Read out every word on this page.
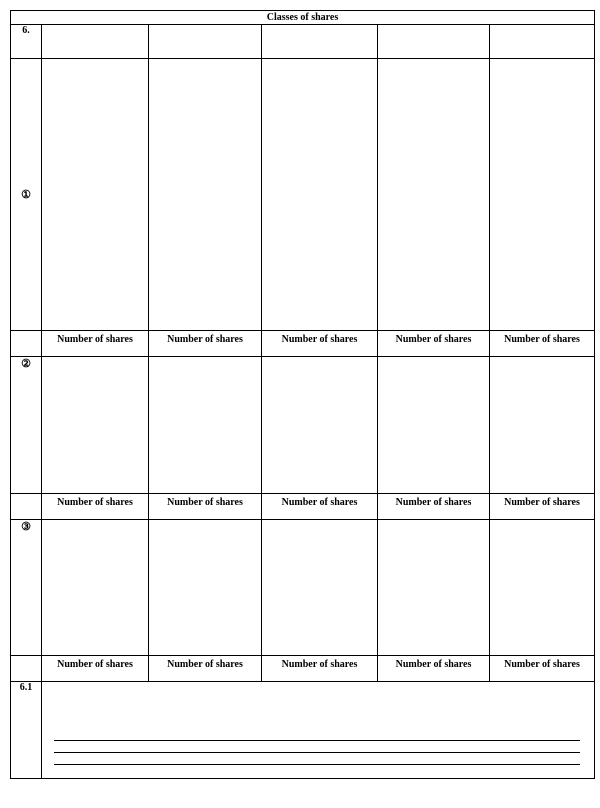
Classes of shares					
6.					
①					
	Number of shares	Number of shares	Number of shares	Number of shares	Number of shares
②					
	Number of shares	Number of shares	Number of shares	Number of shares	Number of shares
③					
	Number of shares	Number of shares	Number of shares	Number of shares	Number of shares
6.1					
